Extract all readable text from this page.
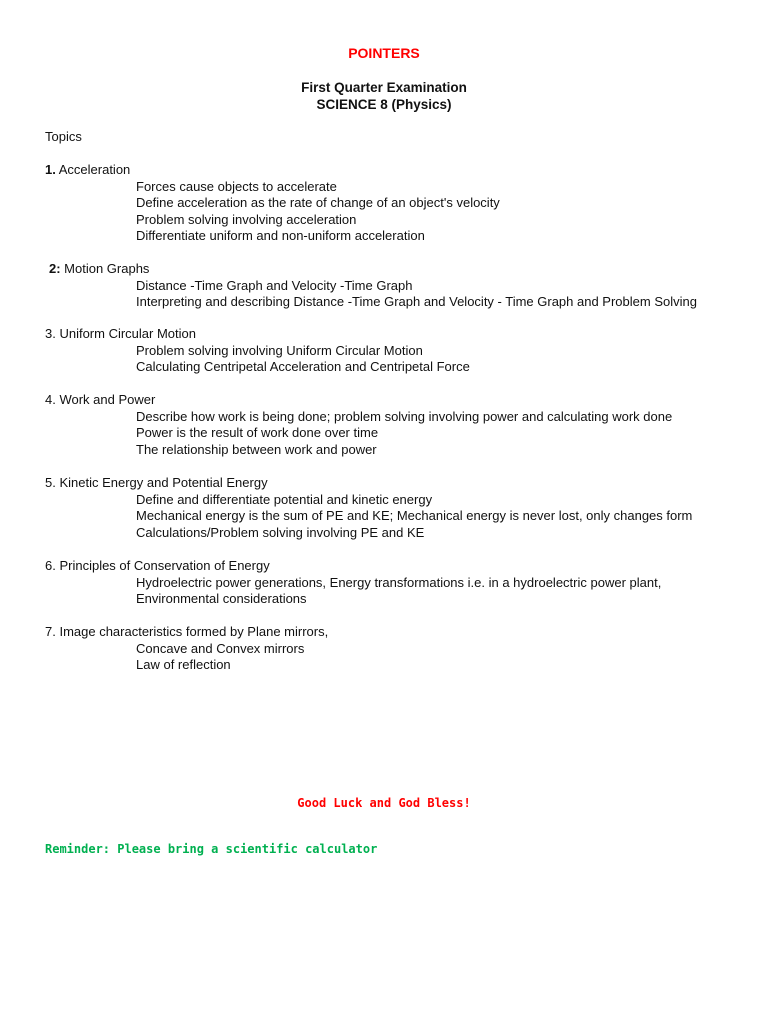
POINTERS
First Quarter Examination
SCIENCE 8 (Physics)
Topics
1. Acceleration
Forces cause objects to accelerate
Define acceleration as the rate of change of an object's velocity
Problem solving involving acceleration
Differentiate uniform and non-uniform acceleration
2: Motion Graphs
Distance -Time Graph and Velocity -Time Graph
Interpreting and describing Distance -Time Graph and Velocity - Time Graph and Problem Solving
3. Uniform Circular Motion
Problem solving involving Uniform Circular Motion
Calculating Centripetal Acceleration and Centripetal Force
4. Work and Power
Describe how work is being done; problem solving involving power and calculating work done
Power is the result of work done over time
The relationship between work and power
5. Kinetic Energy and Potential Energy
Define and differentiate potential and kinetic energy
Mechanical energy is the sum of PE and KE; Mechanical energy is never lost, only changes form
Calculations/Problem solving involving PE and KE
6. Principles of Conservation of Energy
Hydroelectric power generations, Energy transformations i.e. in a hydroelectric power plant,
Environmental considerations
7. Image characteristics formed by Plane mirrors,
Concave and Convex mirrors
Law of reflection
Good Luck and God Bless!
Reminder: Please bring a scientific calculator
